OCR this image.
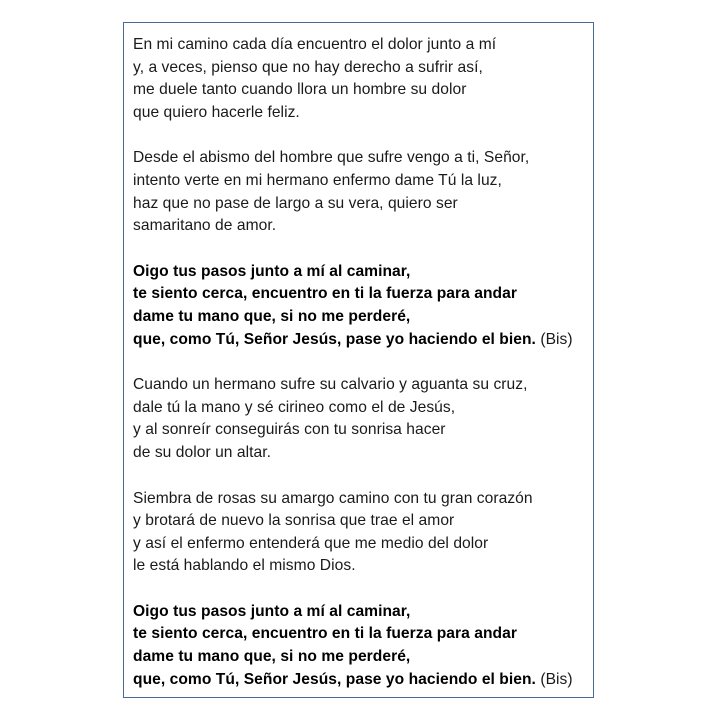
En mi camino cada día encuentro el dolor junto a mí
y, a veces, pienso que no hay derecho a sufrir así,
me duele tanto cuando llora un hombre su dolor
que quiero hacerle feliz.
Desde el abismo del hombre que sufre vengo a ti, Señor,
intento verte en mi hermano enfermo dame Tú la luz,
haz que no pase de largo a su vera, quiero ser
samaritano de amor.
Oigo tus pasos junto a mí al caminar,
te siento cerca, encuentro en ti la fuerza para andar
dame tu mano que, si no me perderé,
que, como Tú, Señor Jesús, pase yo haciendo el bien. (Bis)
Cuando un hermano sufre su calvario y aguanta su cruz,
dale tú la mano y sé cirineo como el de Jesús,
y al sonreír conseguirás con tu sonrisa hacer
de su dolor un altar.
Siembra de rosas su amargo camino con tu gran corazón
y brotará de nuevo la sonrisa que trae el amor
y así el enfermo entenderá que me medio del dolor
le está hablando el mismo Dios.
Oigo tus pasos junto a mí al caminar,
te siento cerca, encuentro en ti la fuerza para andar
dame tu mano que, si no me perderé,
que, como Tú, Señor Jesús, pase yo haciendo el bien. (Bis)
